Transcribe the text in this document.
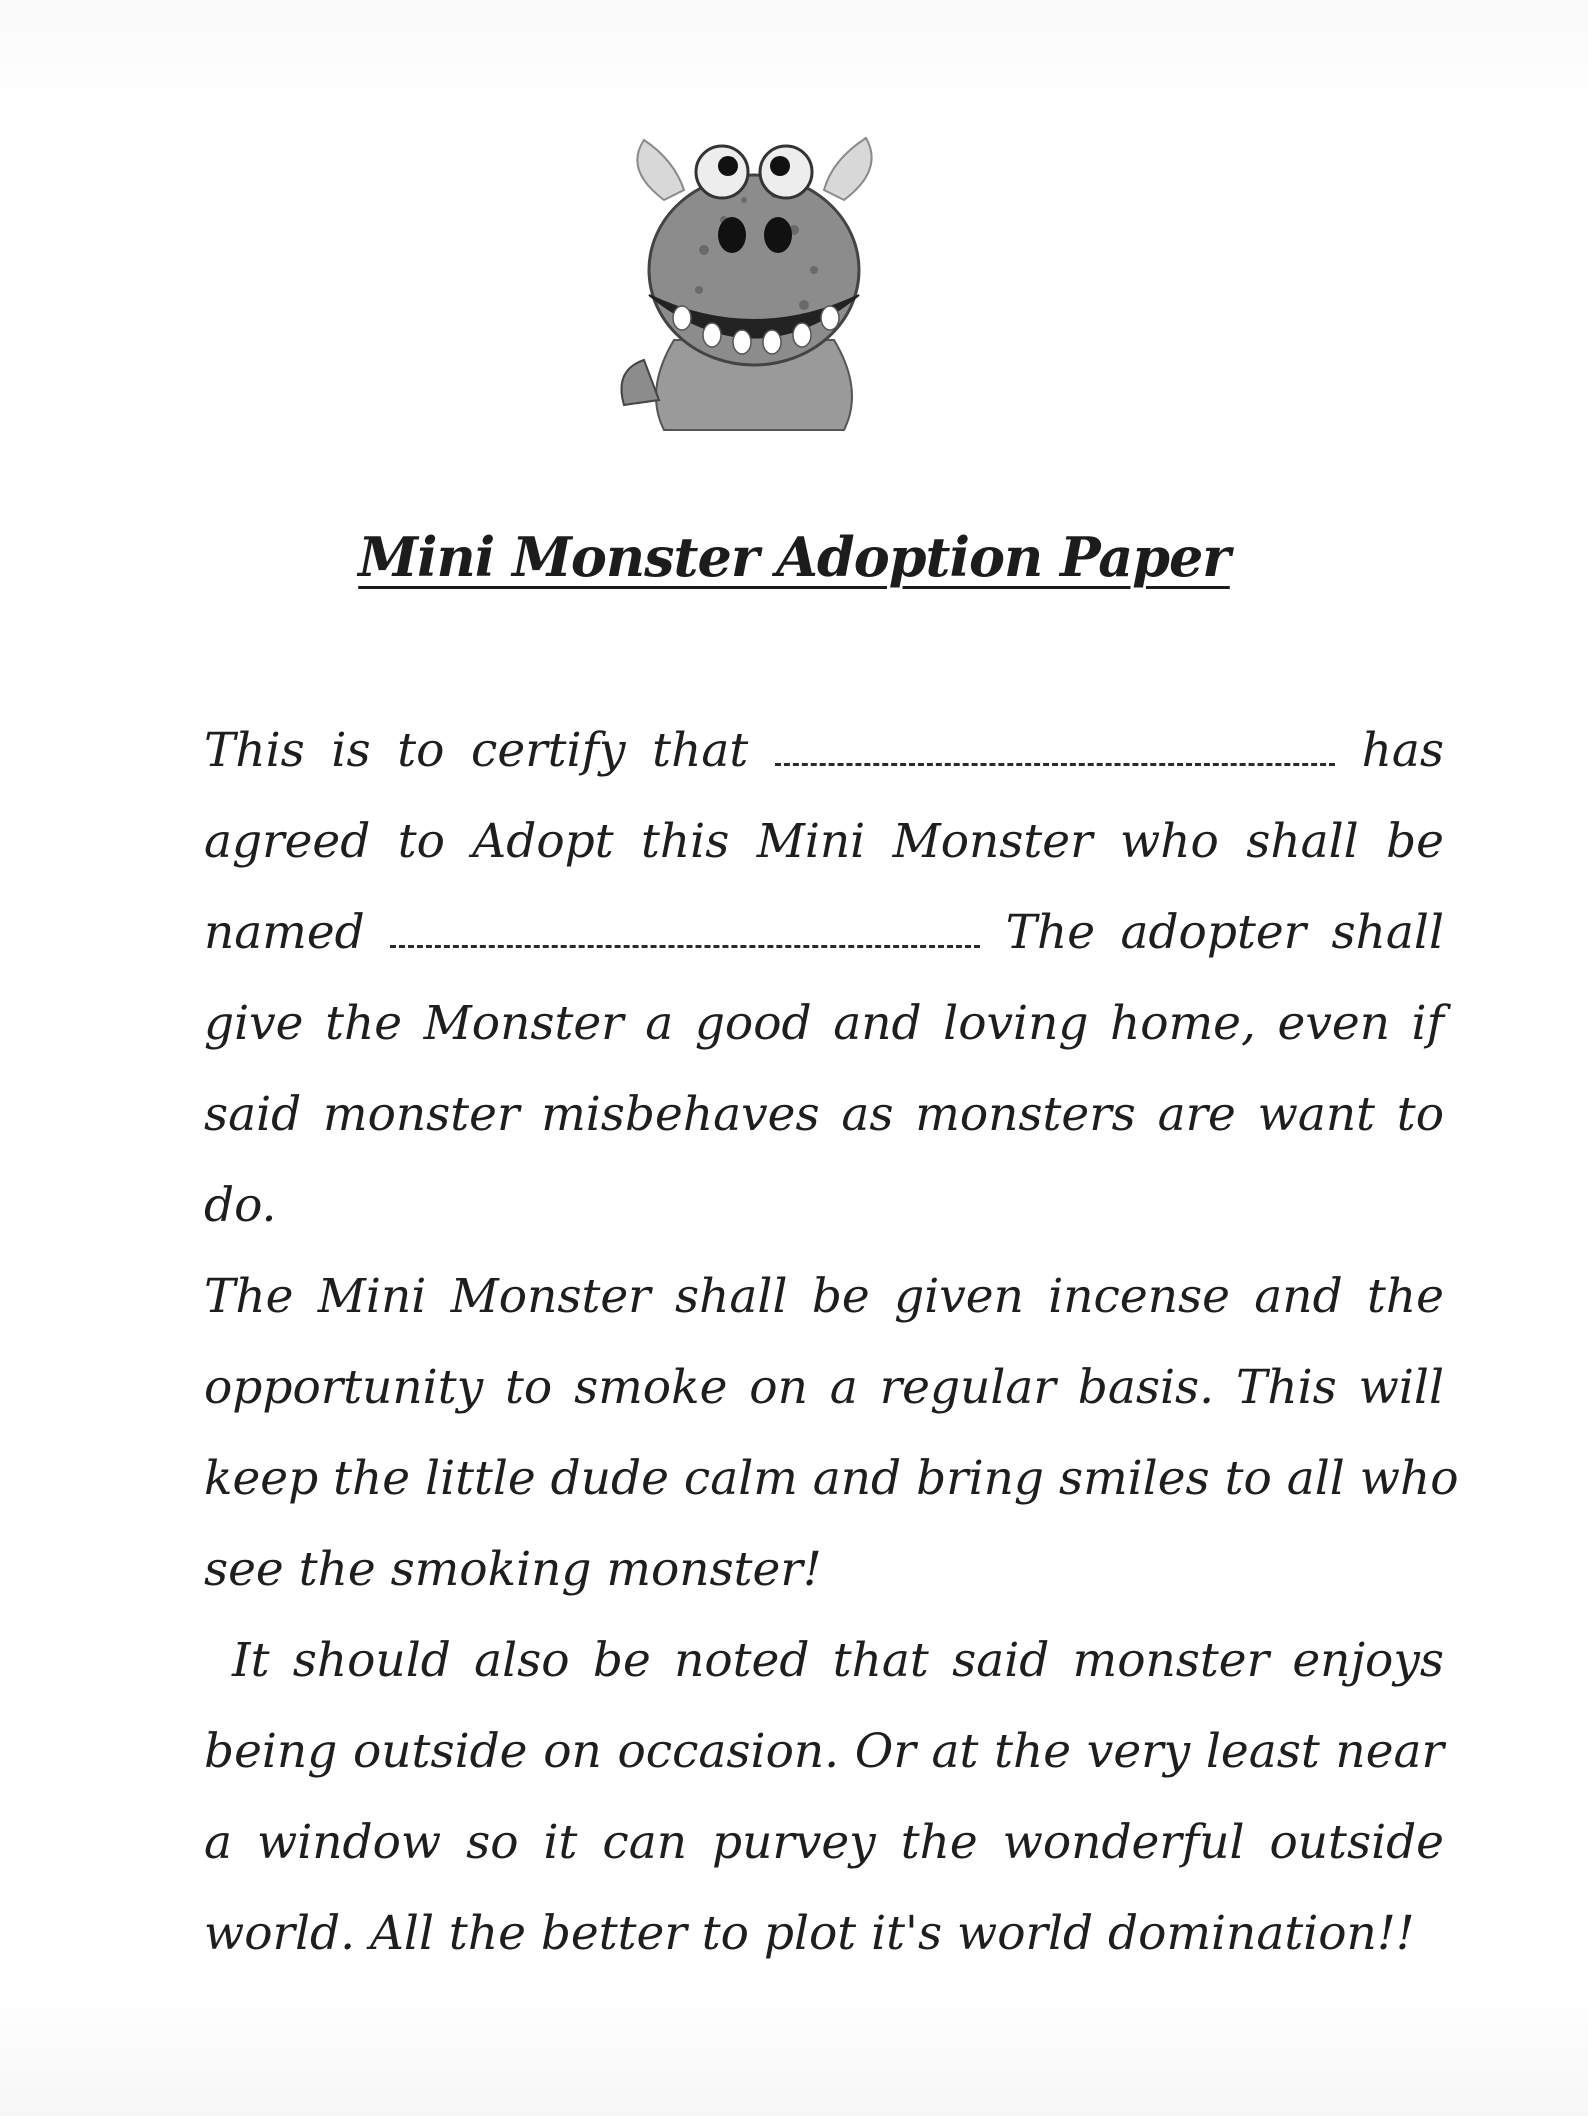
Mini Monster Adoption Paper
This is to certify that	has
agreed to Adopt this Mini Monster who shall be
named	The adopter shall
give the Monster a good and loving home, even if
said monster misbehaves as monsters are want to
do.
The Mini Monster shall be given incense and the
opportunity to smoke on a regular basis. This will
keep the little dude calm and bring smiles to all who
see the smoking monster!
It should also be noted that said monster enjoys
being outside on occasion. Or at the very least near
a window so it can purvey the wonderful outside
world. All the better to plot it's world domination!!
